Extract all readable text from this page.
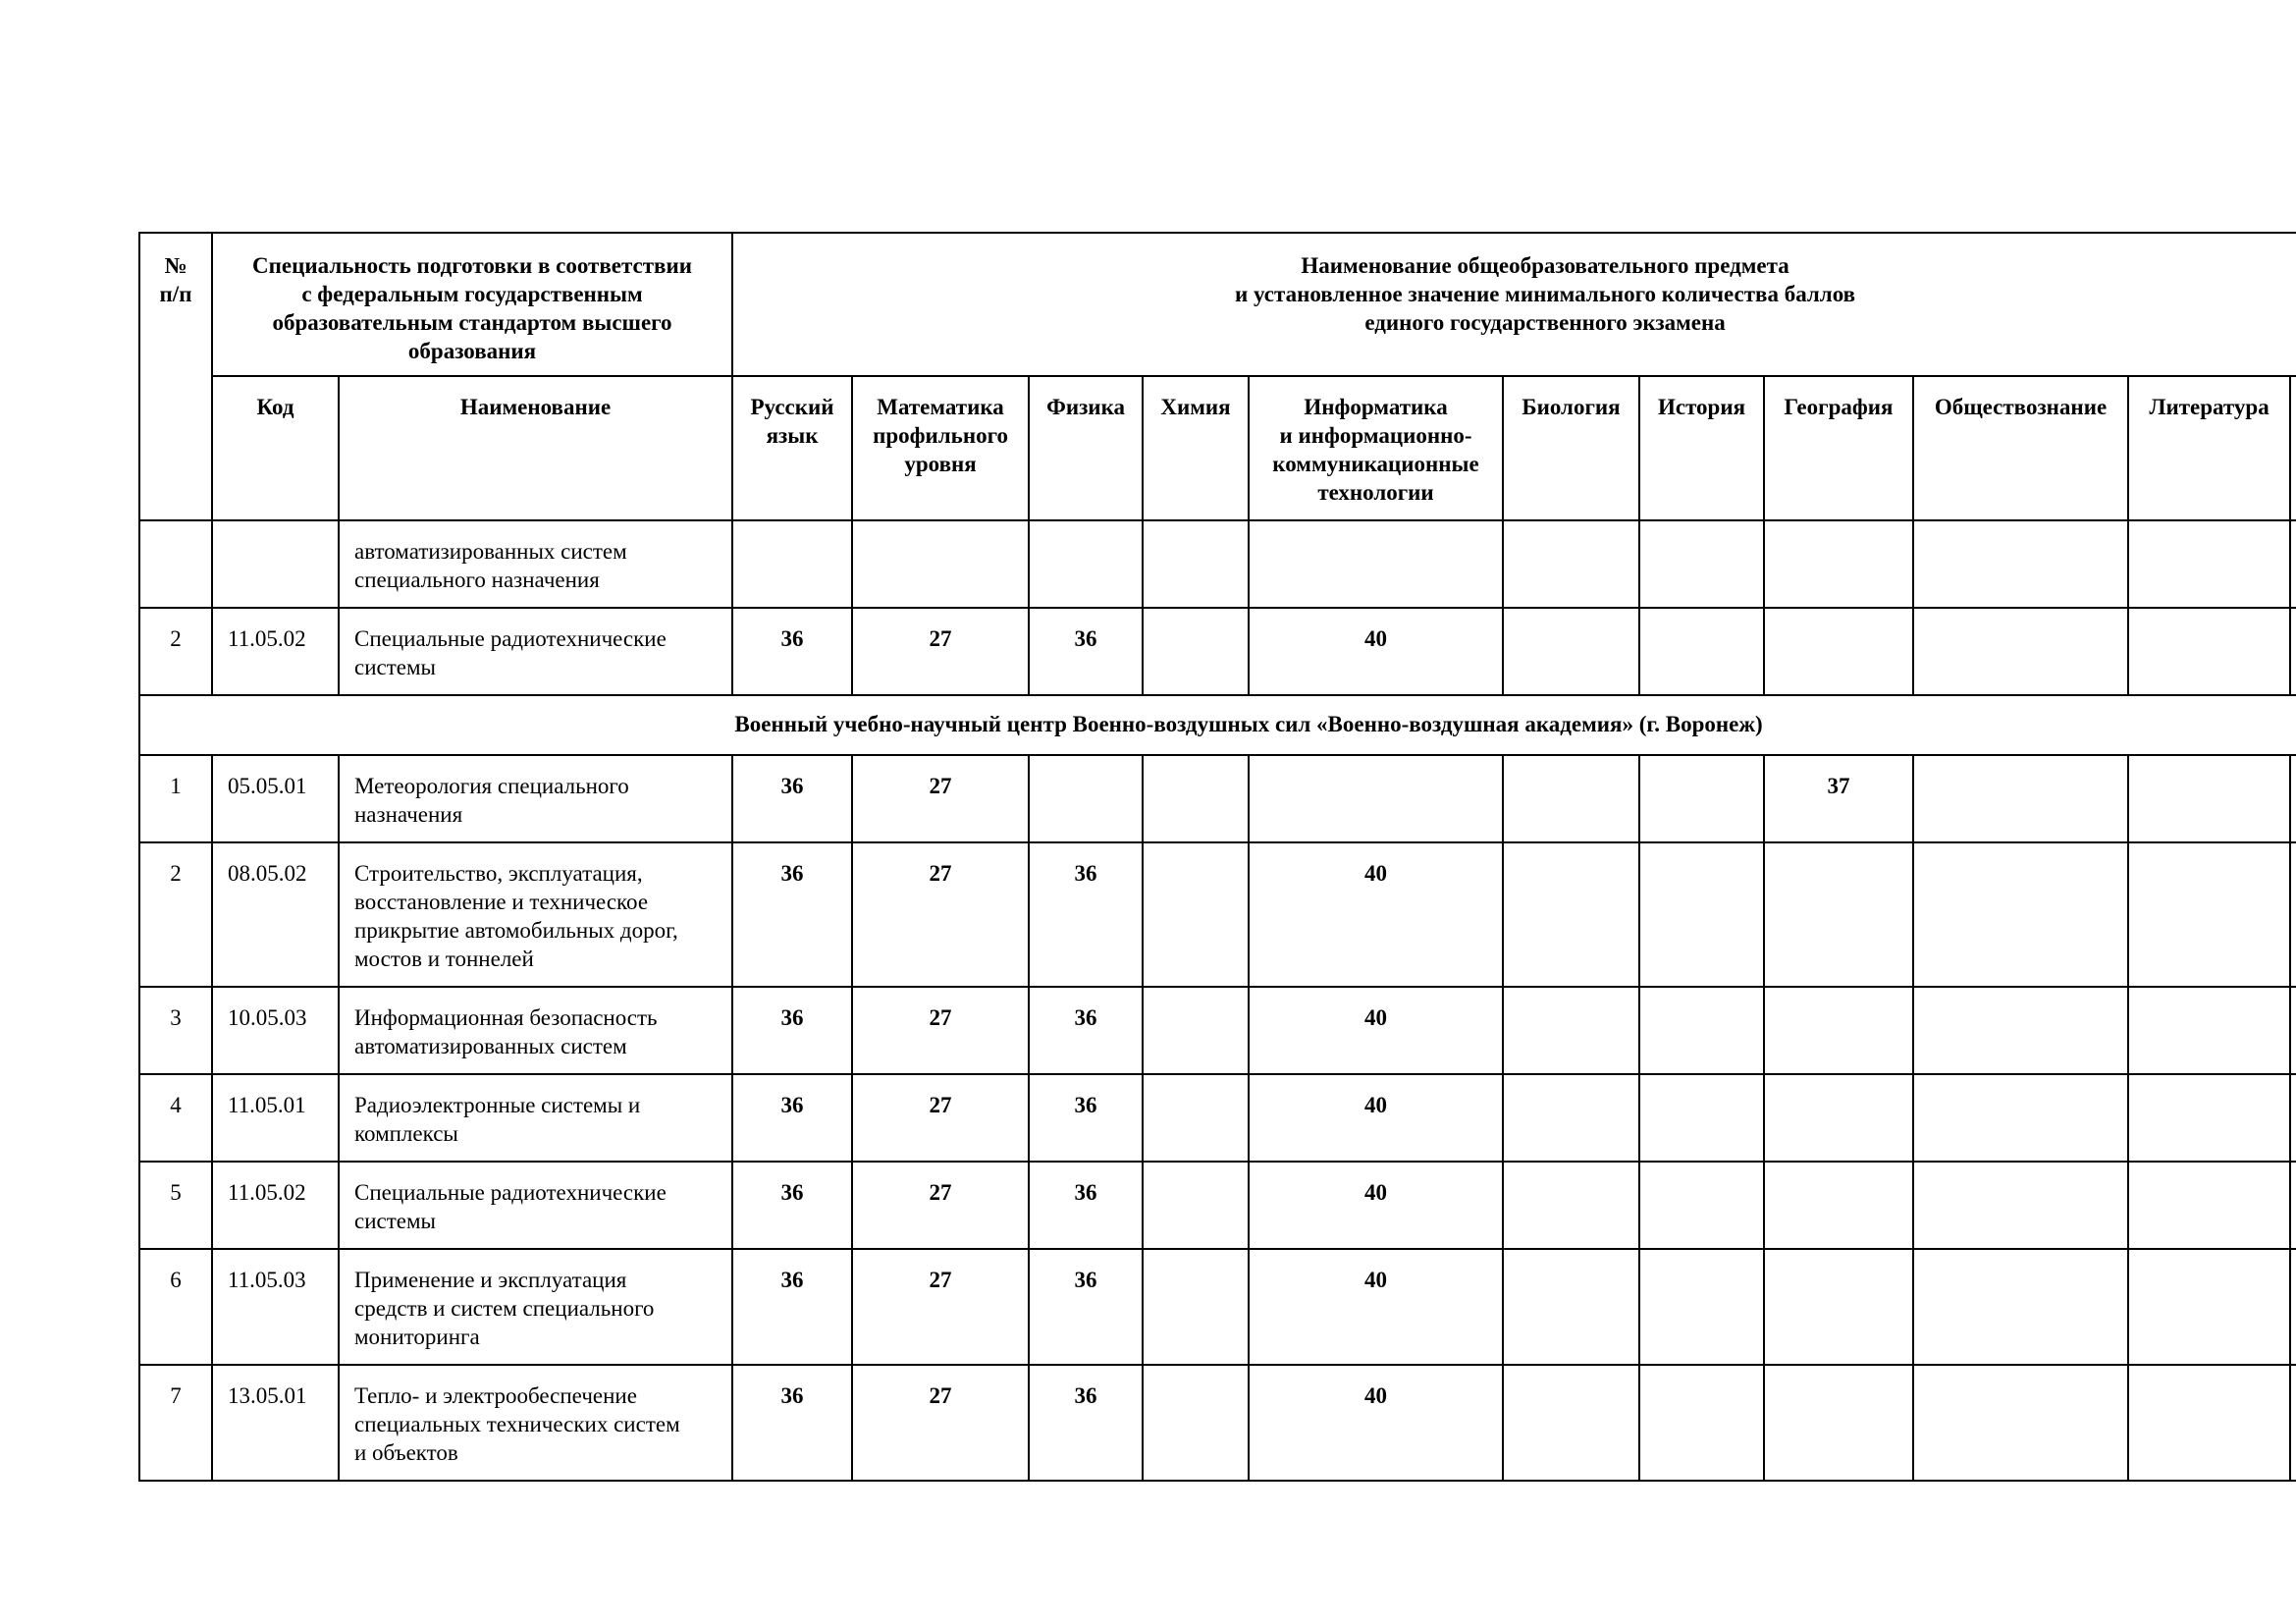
№
п/п	Специальность подготовки в соответствии
с федеральным государственным
образовательным стандартом высшего
образования		Наименование общеобразовательного предмета
и установленное значение минимального количества баллов
единого государственного экзамена										
	Код	Наименование	Русский
язык	Математика
профильного
уровня	Физика	Химия	Информатика
и информационно-
коммуникационные
технологии	Биология	История	География	Обществознание	Литература	
		автоматизированных систем
специального назначения											
2	11.05.02	Специальные радиотехнические
системы	36	27	36		40						
Военный учебно-научный центр Военно-воздушных сил «Военно-воздушная академия» (г. Воронеж)													
1	05.05.01	Метеорология специального
назначения	36	27						37			
2	08.05.02	Строительство, эксплуатация,
восстановление и техническое
прикрытие автомобильных дорог,
мостов и тоннелей	36	27	36		40						
3	10.05.03	Информационная безопасность
автоматизированных систем	36	27	36		40						
4	11.05.01	Радиоэлектронные системы и
комплексы	36	27	36		40						
5	11.05.02	Специальные радиотехнические
системы	36	27	36		40						
6	11.05.03	Применение и эксплуатация
средств и систем специального
мониторинга	36	27	36		40						
7	13.05.01	Тепло- и электрообеспечение
специальных технических систем
и объектов	36	27	36		40						
